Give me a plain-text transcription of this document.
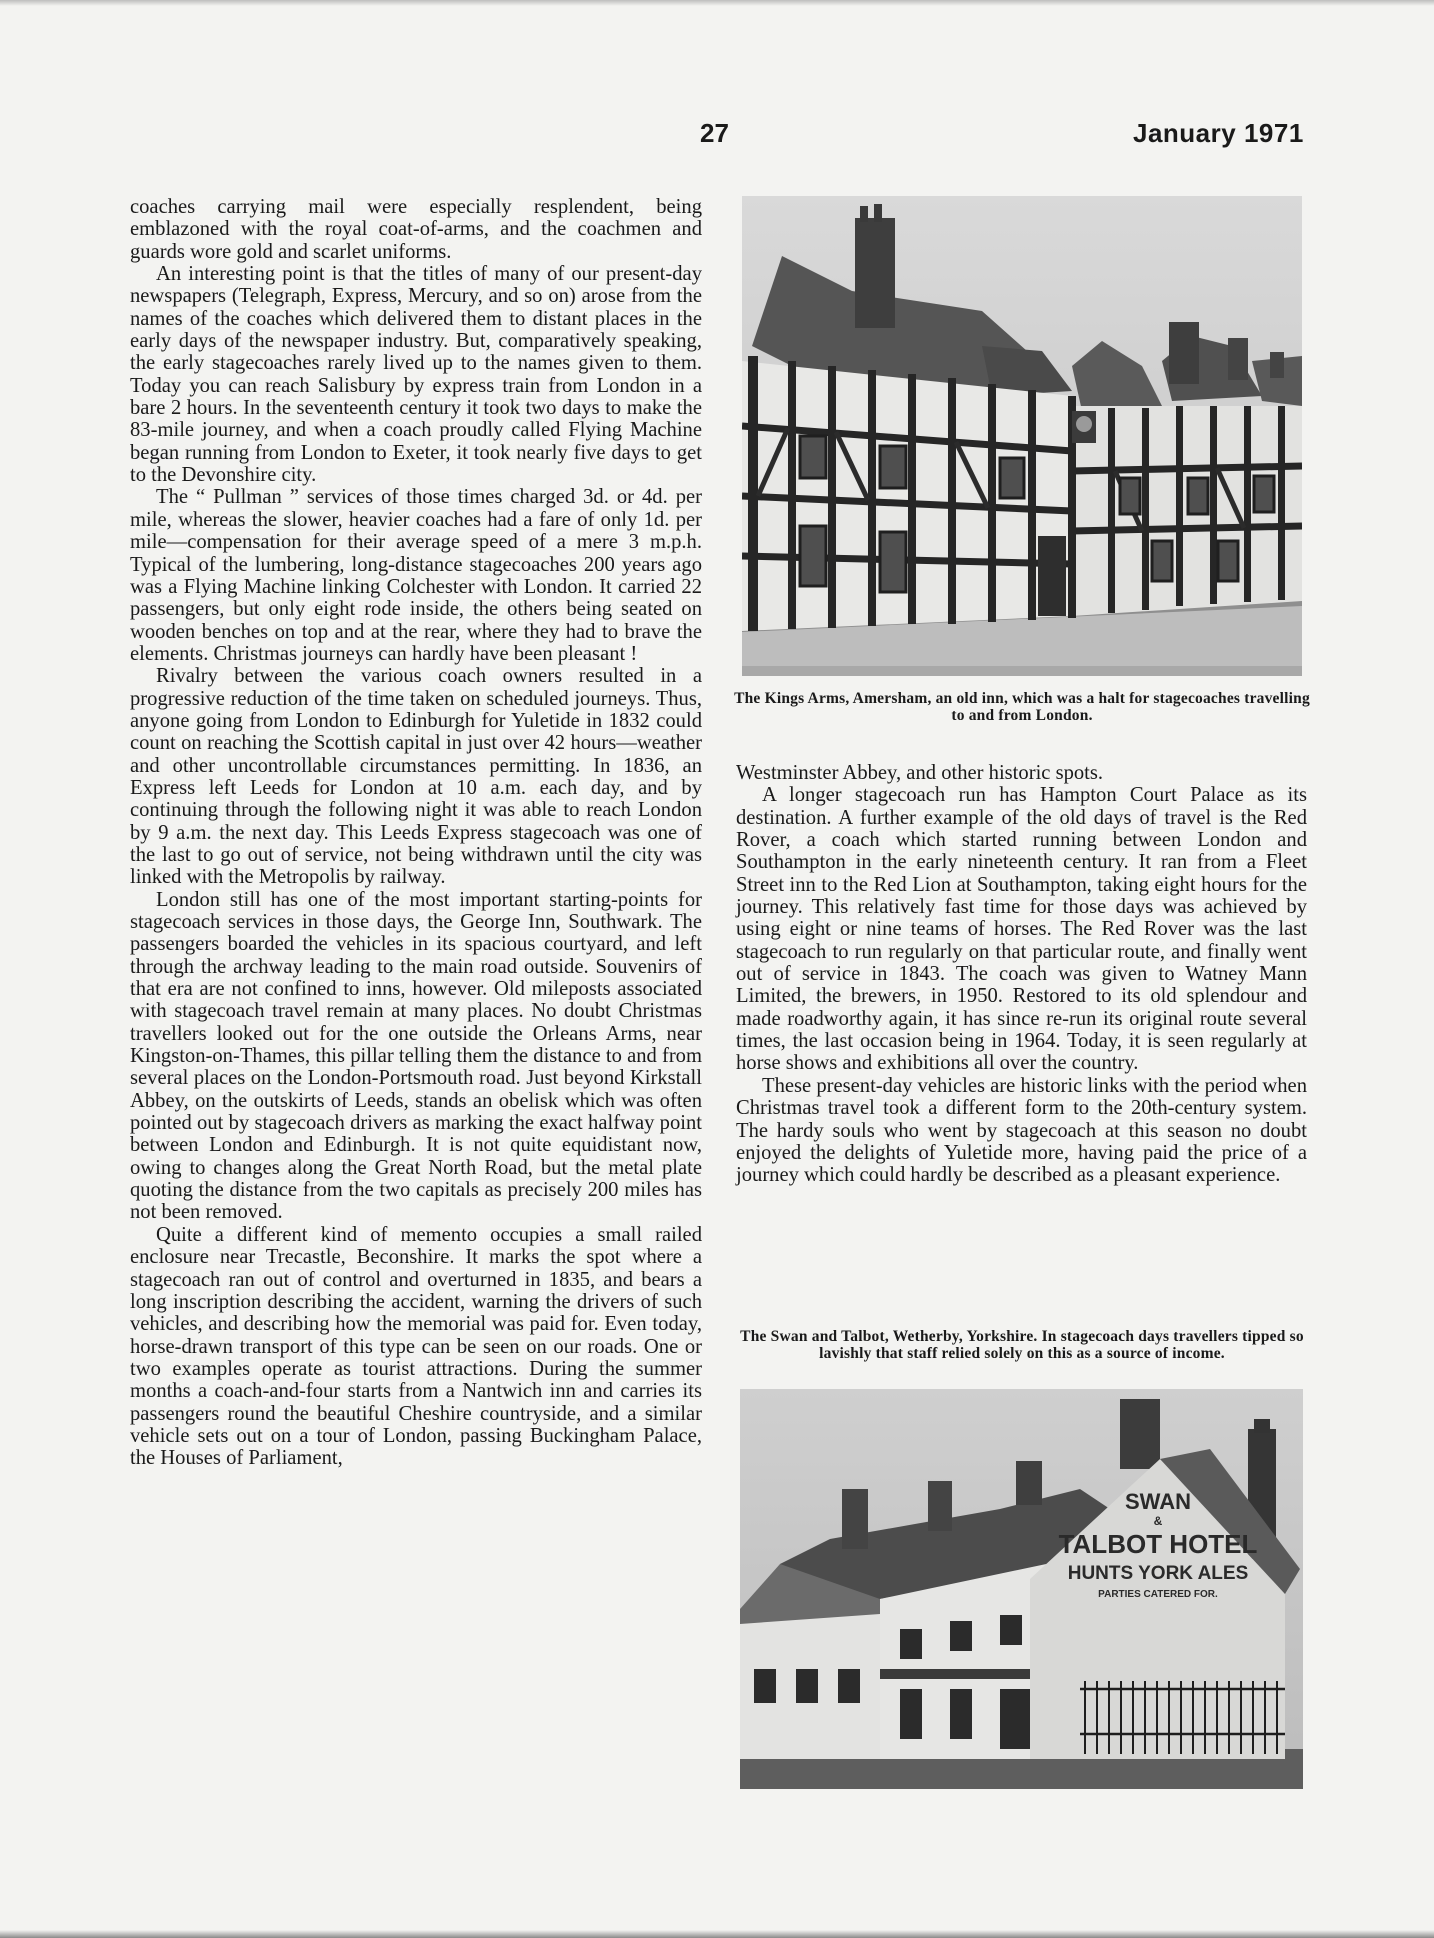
27	January 1971

coaches carrying mail were especially resplendent, being emblazoned with the royal coat-of-arms, and the coachmen and guards wore gold and scarlet uniforms.

An interesting point is that the titles of many of our present-day newspapers (Telegraph, Express, Mercury, and so on) arose from the names of the coaches which delivered them to distant places in the early days of the newspaper industry. But, comparatively speaking, the early stagecoaches rarely lived up to the names given to them. Today you can reach Salisbury by express train from London in a bare 2 hours. In the seventeenth century it took two days to make the 83-mile journey, and when a coach proudly called Flying Machine began running from London to Exeter, it took nearly five days to get to the Devonshire city.

The “ Pullman ” services of those times charged 3d. or 4d. per mile, whereas the slower, heavier coaches had a fare of only 1d. per mile—compensation for their average speed of a mere 3 m.p.h. Typical of the lumbering, long-distance stagecoaches 200 years ago was a Flying Machine linking Colchester with London. It carried 22 passengers, but only eight rode inside, the others being seated on wooden benches on top and at the rear, where they had to brave the elements. Christmas journeys can hardly have been pleasant !

Rivalry between the various coach owners resulted in a progressive reduction of the time taken on scheduled journeys. Thus, anyone going from London to Edinburgh for Yuletide in 1832 could count on reaching the Scottish capital in just over 42 hours—weather and other uncontrollable circumstances permitting. In 1836, an Express left Leeds for London at 10 a.m. each day, and by continuing through the following night it was able to reach London by 9 a.m. the next day. This Leeds Express stagecoach was one of the last to go out of service, not being withdrawn until the city was linked with the Metropolis by railway.

London still has one of the most important starting-points for stagecoach services in those days, the George Inn, Southwark. The passengers boarded the vehicles in its spacious courtyard, and left through the archway leading to the main road outside. Souvenirs of that era are not confined to inns, however. Old mileposts associated with stagecoach travel remain at many places. No doubt Christmas travellers looked out for the one outside the Orleans Arms, near Kingston-on-Thames, this pillar telling them the distance to and from several places on the London-Portsmouth road. Just beyond Kirkstall Abbey, on the outskirts of Leeds, stands an obelisk which was often pointed out by stagecoach drivers as marking the exact halfway point between London and Edinburgh. It is not quite equidistant now, owing to changes along the Great North Road, but the metal plate quoting the distance from the two capitals as precisely 200 miles has not been removed.

Quite a different kind of memento occupies a small railed enclosure near Trecastle, Beconshire. It marks the spot where a stagecoach ran out of control and overturned in 1835, and bears a long inscription describing the accident, warning the drivers of such vehicles, and describing how the memorial was paid for. Even today, horse-drawn transport of this type can be seen on our roads. One or two examples operate as tourist attractions. During the summer months a coach-and-four starts from a Nantwich inn and carries its passengers round the beautiful Cheshire countryside, and a similar vehicle sets out on a tour of London, passing Buckingham Palace, the Houses of Parliament,

The Kings Arms, Amersham, an old inn, which was a halt for stagecoaches travelling to and from London.

Westminster Abbey, and other historic spots.

A longer stagecoach run has Hampton Court Palace as its destination. A further example of the old days of travel is the Red Rover, a coach which started running between London and Southampton in the early nineteenth century. It ran from a Fleet Street inn to the Red Lion at Southampton, taking eight hours for the journey. This relatively fast time for those days was achieved by using eight or nine teams of horses. The Red Rover was the last stagecoach to run regularly on that particular route, and finally went out of service in 1843. The coach was given to Watney Mann Limited, the brewers, in 1950. Restored to its old splendour and made roadworthy again, it has since re-run its original route several times, the last occasion being in 1964. Today, it is seen regularly at horse shows and exhibitions all over the country.

These present-day vehicles are historic links with the period when Christmas travel took a different form to the 20th-century system. The hardy souls who went by stagecoach at this season no doubt enjoyed the delights of Yuletide more, having paid the price of a journey which could hardly be described as a pleasant experience.

The Swan and Talbot, Wetherby, Yorkshire. In stagecoach days travellers tipped so lavishly that staff relied solely on this as a source of income.
SWAN
&
TALBOT HOTEL
HUNTS YORK ALES
PARTIES CATERED FOR.
